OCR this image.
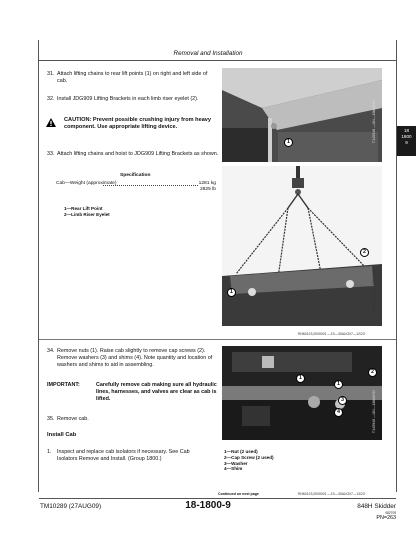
Removal and Installation
18
1800
9
31. Attach lifting chains to rear lift points (1) on right and left side of cab.
32. Install JDG909 Lifting Brackets in each limb riser eyelet (2).
CAUTION: Prevent possible crushing injury from heavy component. Use appropriate lifting device.
33. Attach lifting chains and hoist to JDG909 Lifting Brackets as shown.
Specification
Cab—Weight (approximate)	1281 kg
2825 lb
1—Rear Lift Point
2—Limb Riser Eyelet
1	T145948 —UN—18MAY01
2
1	T145948 —UN—18MAY01
RH60123,0000001 —19—30AUG07—12/23
34. Remove nuts (1). Raise cab slightly to remove cap screws (2). Remove washers (3) and shims (4). Note quantity and location of washers and shims to aid in assembling.
IMPORTANT:	Carefully remove cab making sure all hydraulic lines, harnesses, and valves are clear as cab is lifted.
35. Remove cab.
Install Cab
1.	Inspect and replace cab isolators if necessary. See Cab Isolators Remove and Install. (Group 1800.)
1—Nut (2 used)
2—Cap Screw (2 used)
3—Washer
4—Shim
2
1
1
3
4	T145946 —UN—18MAY01
RH60123,0000001 —19—30AUG07—13/23
Continued on next page
TM10289 (27AUG09)	18-1800-9	848H Skidder
082709
PN=263
